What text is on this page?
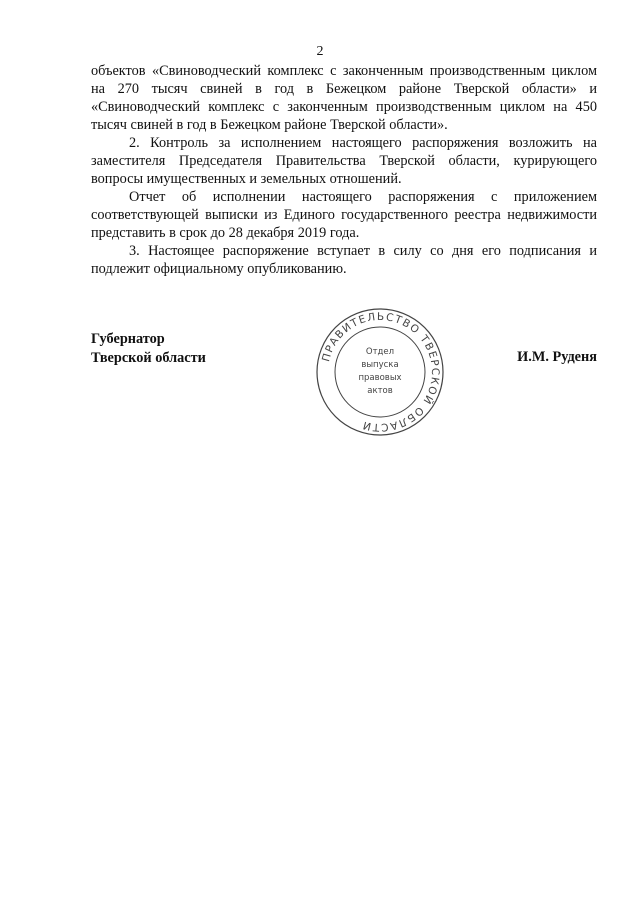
2

объектов «Свиноводческий комплекс с законченным производственным циклом на 270 тысяч свиней в год в Бежецком районе Тверской области» и «Свиноводческий комплекс с законченным производственным циклом на 450 тысяч свиней в год в Бежецком районе Тверской области».

2. Контроль за исполнением настоящего распоряжения возложить на заместителя Председателя Правительства Тверской области, курирующего вопросы имущественных и земельных отношений.

Отчет об исполнении настоящего распоряжения с приложением соответствующей выписки из Единого государственного реестра недвижимости представить в срок до 28 декабря 2019 года.

3. Настоящее распоряжение вступает в силу со дня его подписания и подлежит официальному опубликованию.

Губернатор
Тверской области	И.М. Руденя
ПРАВИТЕЛЬСТВО ТВЕРСКОЙ ОБЛАСТИ
Отдел
выпуска
правовых
актов
